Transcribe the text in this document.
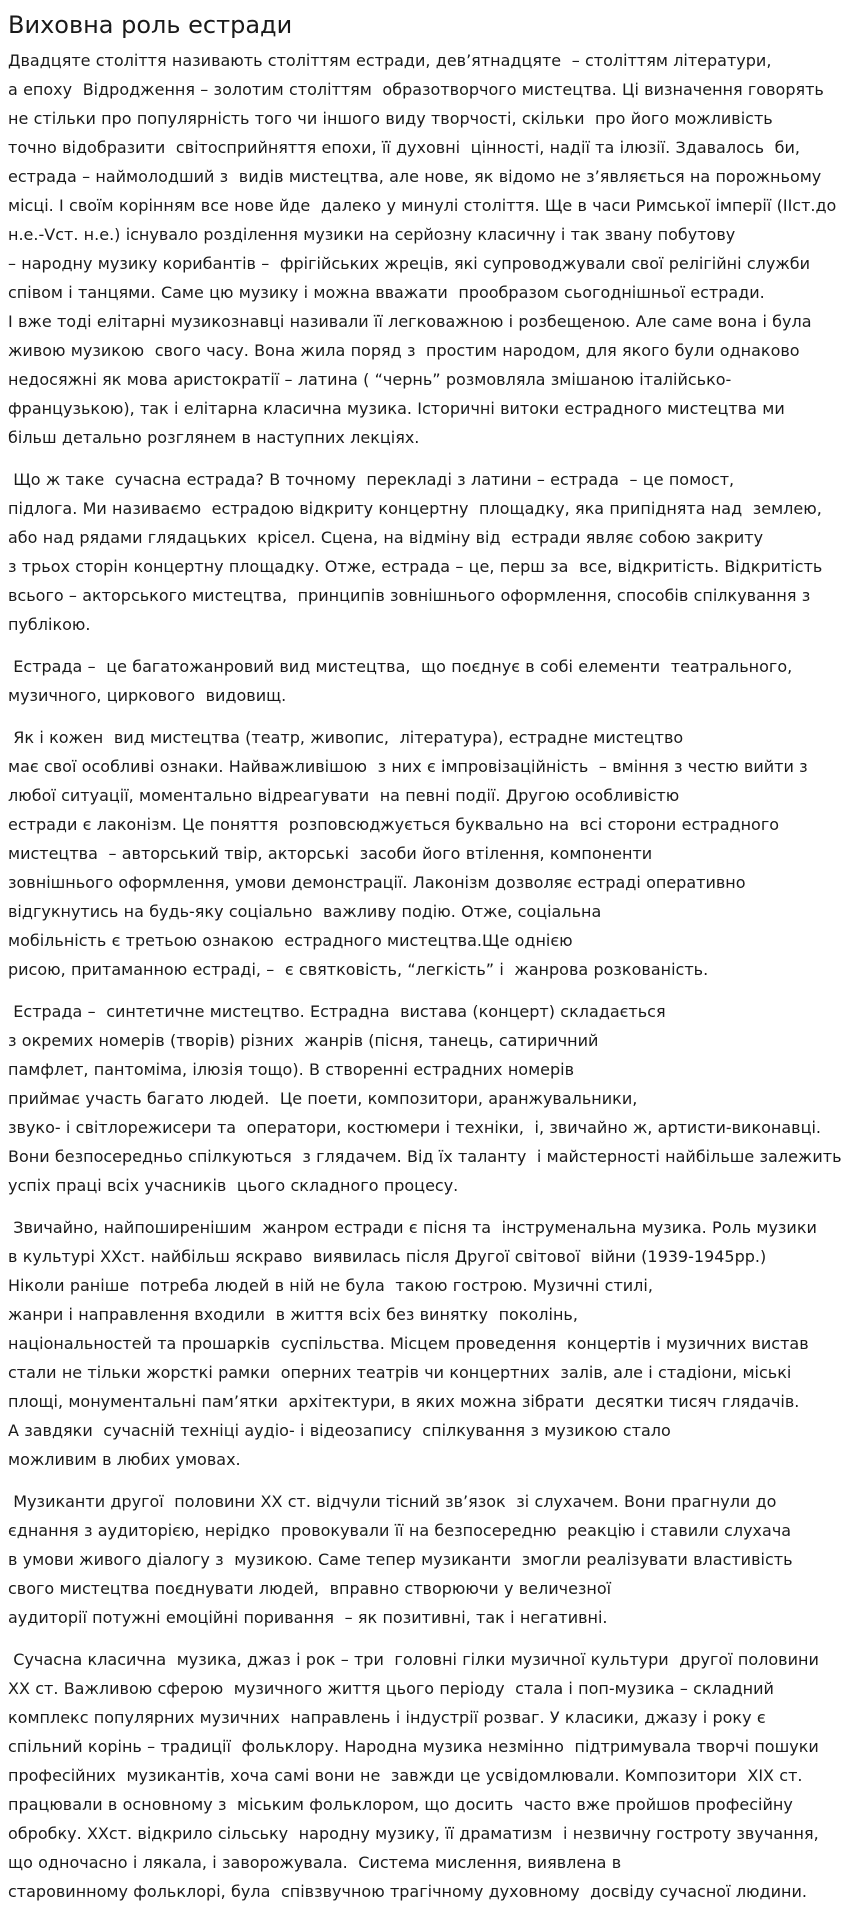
Виховна роль естради
Двадцяте століття називають століттям естради, дев’ятнадцяте  – століттям літератури,
а епоху  Відродження – золотим століттям  образотворчого мистецтва. Ці визначення говорять
не стільки про популярність того чи іншого виду творчості, скільки  про його можливість
точно відобразити  світосприйняття епохи, її духовні  цінності, надії та ілюзії. Здавалось  би,
естрада – наймолодший з  видів мистецтва, але нове, як відомо не з’являється на порожньому
місці. І своїм корінням все нове йде  далеко у минулі століття. Ще в часи Римської імперії (ІІст.до
н.е.-Vст. н.е.) існувало розділення музики на серйозну класичну і так звану побутову
– народну музику корибантів –  фрігійських жреців, які супроводжували свої релігійні служби
співом і танцями. Саме цю музику і можна вважати  прообразом сьогоднішньої естради.
І вже тоді елітарні музикознавці називали її легковажною і розбещеною. Але саме вона і була
живою музикою  свого часу. Вона жила поряд з  простим народом, для якого були однаково
недосяжні як мова аристократії – латина ( “чернь” розмовляла змішаною італійсько-
французькою), так і елітарна класична музика. Історичні витоки естрадного мистецтва ми
більш детально розглянем в наступних лекціях.
Що ж таке  сучасна естрада? В точному  перекладі з латини – естрада  – це помост,
підлога. Ми називаємо  естрадою відкриту концертну  площадку, яка припіднята над  землею,
або над рядами глядацьких  крісел. Сцена, на відміну від  естради являє собою закриту
з трьох сторін концертну площадку. Отже, естрада – це, перш за  все, відкритість. Відкритість
всього – акторського мистецтва,  принципів зовнішнього оформлення, способів спілкування з
публікою.
Естрада –  це багатожанровий вид мистецтва,  що поєднує в собі елементи  театрального,
музичного, циркового  видовищ.
Як і кожен  вид мистецтва (театр, живопис,  література), естрадне мистецтво
має свої особливі ознаки. Найважливішою  з них є імпровізаційність  – вміння з честю вийти з
любої ситуації, моментально відреагувати  на певні події. Другою особливістю
естради є лаконізм. Це поняття  розповсюджується буквально на  всі сторони естрадного
мистецтва  – авторський твір, акторські  засоби його втілення, компоненти
зовнішнього оформлення, умови демонстрації. Лаконізм дозволяє естраді оперативно
відгукнутись на будь-яку соціально  важливу подію. Отже, соціальна
мобільність є третьою ознакою  естрадного мистецтва.Ще однією
рисою, притаманною естраді, –  є святковість, “легкість” і  жанрова розкованість.
Естрада –  синтетичне мистецтво. Естрадна  вистава (концерт) складається
з окремих номерів (творів) різних  жанрів (пісня, танець, сатиричний
памфлет, пантоміма, ілюзія тощо). В створенні естрадних номерів
приймає участь багато людей.  Це поети, композитори, аранжувальники,
звуко- і світлорежисери та  оператори, костюмери і техніки,  і, звичайно ж, артисти-виконавці.
Вони безпосередньо спілкуються  з глядачем. Від їх таланту  і майстерності найбільше залежить
успіх праці всіх учасників  цього складного процесу.
Звичайно, найпоширенішим  жанром естради є пісня та  інструменальна музика. Роль музики
в культурі ХХст. найбільш яскраво  виявилась після Другої світової  війни (1939-1945рр.)
Ніколи раніше  потреба людей в ній не була  такою гострою. Музичні стилі,
жанри і направлення входили  в життя всіх без винятку  поколінь,
національностей та прошарків  суспільства. Місцем проведення  концертів і музичних вистав
стали не тільки жорсткі рамки  оперних театрів чи концертних  залів, але і стадіони, міські
площі, монументальні пам’ятки  архітектури, в яких можна зібрати  десятки тисяч глядачів.
А завдяки  сучасній техніці аудіо- і відеозапису  спілкування з музикою стало
можливим в любих умовах.
Музиканти другої  половини ХХ ст. відчули тісний зв’язок  зі слухачем. Вони прагнули до
єднання з аудиторією, нерідко  провокували її на безпосередню  реакцію і ставили слухача
в умови живого діалогу з  музикою. Саме тепер музиканти  змогли реалізувати властивість
свого мистецтва поєднувати людей,  вправно створюючи у величезної
аудиторії потужні емоційні поривання  – як позитивні, так і негативні.
Сучасна класична  музика, джаз і рок – три  головні гілки музичної культури  другої половини
ХХ ст. Важливою сферою  музичного життя цього періоду  стала і поп-музика – складний
комплекс популярних музичних  направлень і індустрії розваг. У класики, джазу і року є
спільний корінь – традиції  фольклору. Народна музика незмінно  підтримувала творчі пошуки
професійних  музикантів, хоча самі вони не  завжди це усвідомлювали. Композитори  ХІХ ст.
працювали в основному з  міським фольклором, що досить  часто вже пройшов професійну
обробку. ХХст. відкрило сільську  народну музику, її драматизм  і незвичну гостроту звучання,
що одночасно і лякала, і заворожувала.  Система мислення, виявлена в
старовинному фольклорі, була  співзвучною трагічному духовному  досвіду сучасної людини.
